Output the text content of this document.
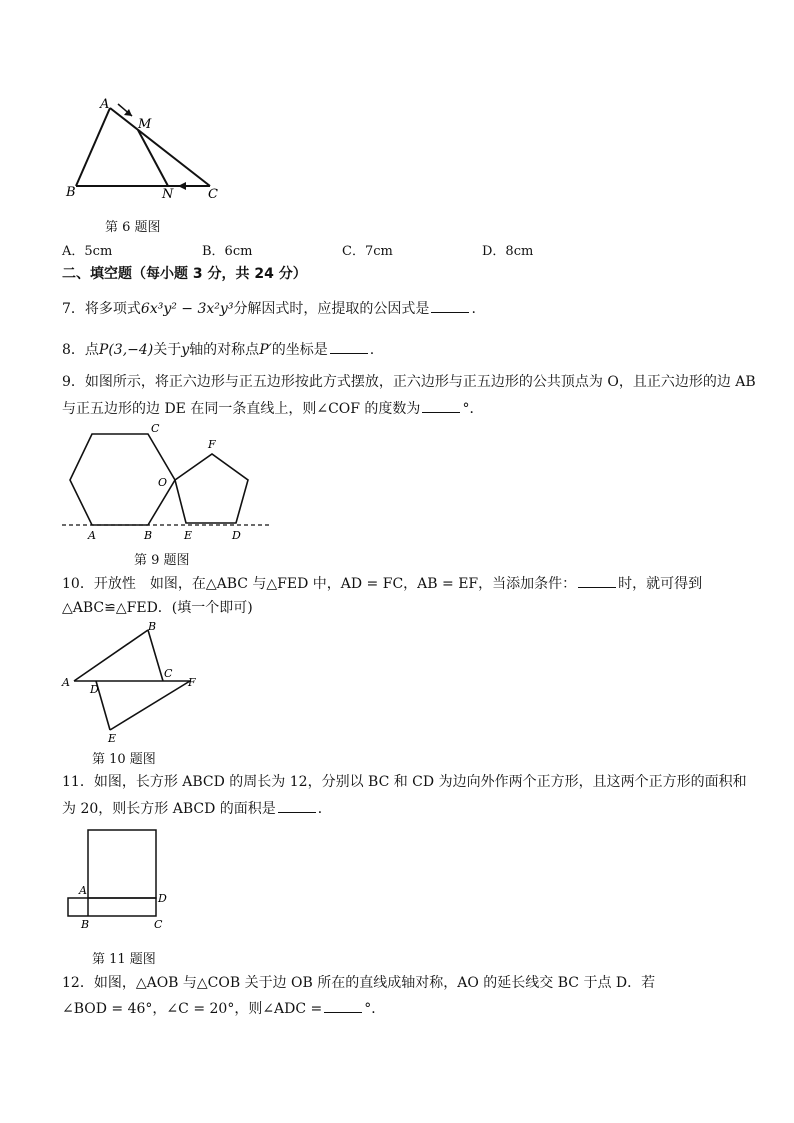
A
M
B	N	C
第 6 题图
A．5cm	B．6cm	C．7cm	D．8cm
二、填空题（每小题 3 分，共 24 分）
7．将多项式6x³y² − 3x²y³分解因式时，应提取的公因式是	.
8．点P(3,−4)关于y轴的对称点P′的坐标是	.
9．如图所示，将正六边形与正五边形按此方式摆放，正六边形与正五边形的公共顶点为 O，且正六边形的边 AB
与正五边形的边 DE 在同一条直线上，则∠COF 的度数为	°．
A	B
C
O
F
E	D
第 9 题图
10．开放性　如图，在△ABC 与△FED 中，AD = FC，AB = EF，当添加条件：	时，就可得到
△ABC≌△FED．(填一个即可)
A
B
C
D
E
F
第 10 题图
11．如图，长方形 ABCD 的周长为 12，分别以 BC 和 CD 为边向外作两个正方形，且这两个正方形的面积和
为 20，则长方形 ABCD 的面积是	．
A
B	C
D
第 11 题图
12．如图，△AOB 与△COB 关于边 OB 所在的直线成轴对称，AO 的延长线交 BC 于点 D．若
∠BOD = 46°，∠C = 20°，则∠ADC =	°．
